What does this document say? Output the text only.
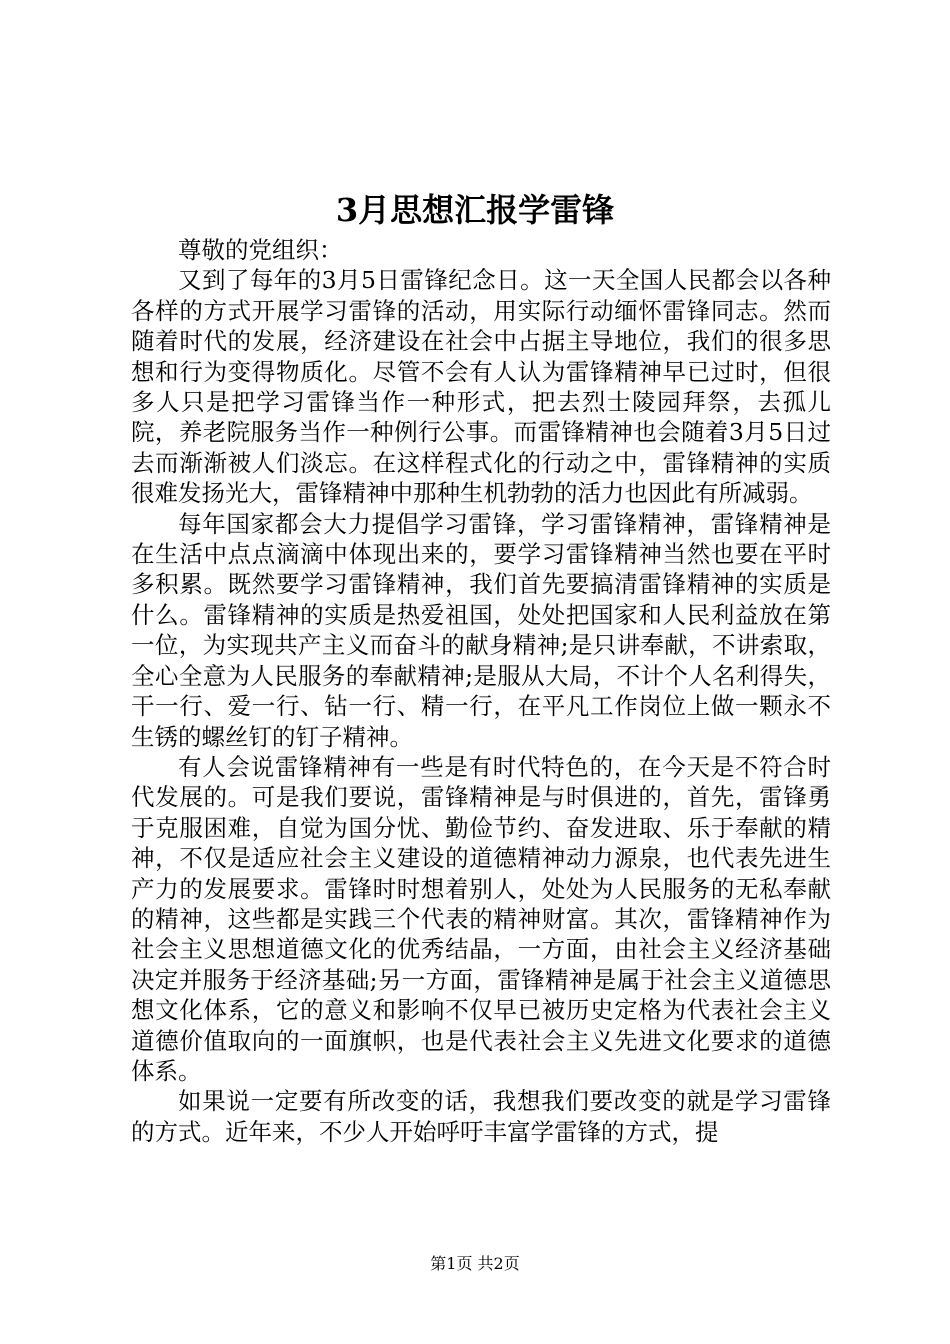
3月思想汇报学雷锋

尊敬的党组织：

又到了每年的3月5日雷锋纪念日。这一天全国人民都会以各种各样的方式开展学习雷锋的活动，用实际行动缅怀雷锋同志。然而随着时代的发展，经济建设在社会中占据主导地位，我们的很多思想和行为变得物质化。尽管不会有人认为雷锋精神早已过时，但很多人只是把学习雷锋当作一种形式，把去烈士陵园拜祭，去孤儿院，养老院服务当作一种例行公事。而雷锋精神也会随着3月5日过去而渐渐被人们淡忘。在这样程式化的行动之中，雷锋精神的实质很难发扬光大，雷锋精神中那种生机勃勃的活力也因此有所减弱。

每年国家都会大力提倡学习雷锋，学习雷锋精神，雷锋精神是在生活中点点滴滴中体现出来的，要学习雷锋精神当然也要在平时多积累。既然要学习雷锋精神，我们首先要搞清雷锋精神的实质是什么。雷锋精神的实质是热爱祖国，处处把国家和人民利益放在第一位，为实现共产主义而奋斗的献身精神;是只讲奉献，不讲索取，全心全意为人民服务的奉献精神;是服从大局，不计个人名利得失，干一行、爱一行、钻一行、精一行，在平凡工作岗位上做一颗永不生锈的螺丝钉的钉子精神。

有人会说雷锋精神有一些是有时代特色的，在今天是不符合时代发展的。可是我们要说，雷锋精神是与时俱进的，首先，雷锋勇于克服困难，自觉为国分忧、勤俭节约、奋发进取、乐于奉献的精神，不仅是适应社会主义建设的道德精神动力源泉，也代表先进生产力的发展要求。雷锋时时想着别人，处处为人民服务的无私奉献的精神，这些都是实践三个代表的精神财富。其次，雷锋精神作为社会主义思想道德文化的优秀结晶，一方面，由社会主义经济基础决定并服务于经济基础;另一方面，雷锋精神是属于社会主义道德思想文化体系，它的意义和影响不仅早已被历史定格为代表社会主义道德价值取向的一面旗帜，也是代表社会主义先进文化要求的道德体系。

如果说一定要有所改变的话，我想我们要改变的就是学习雷锋的方式。近年来，不少人开始呼吁丰富学雷锋的方式，提

第1页 共2页
